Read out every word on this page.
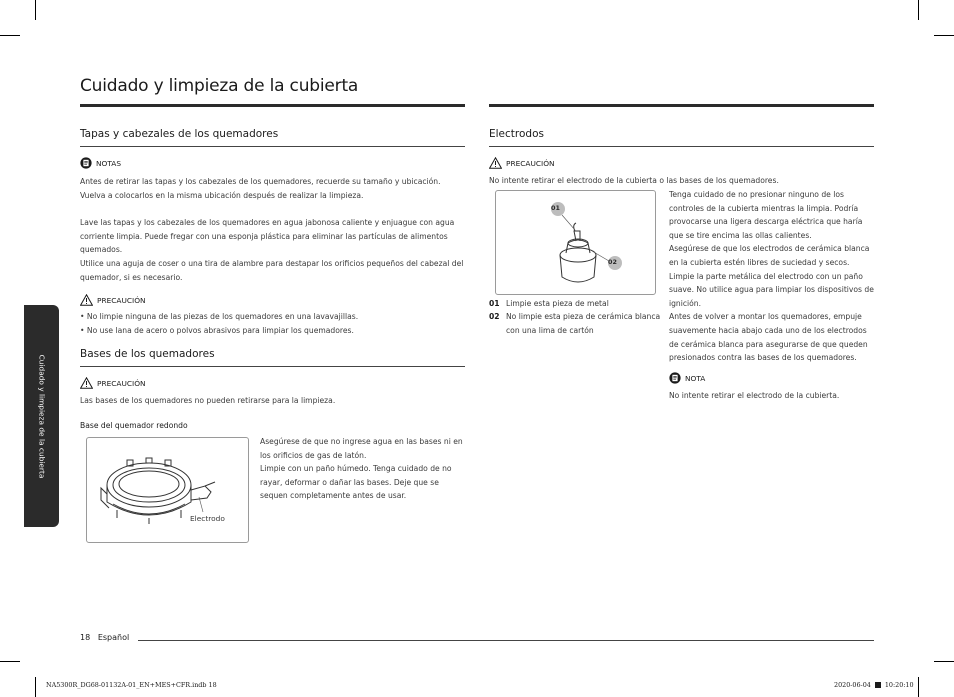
Cuidado y limpieza de la cubierta
Cuidado y limpieza de la cubierta
Tapas y cabezales de los quemadores
NOTAS

Antes de retirar las tapas y los cabezales de los quemadores, recuerde su tamaño y ubicación. Vuelva a colocarlos en la misma ubicación después de realizar la limpieza.

Lave las tapas y los cabezales de los quemadores en agua jabonosa caliente y enjuague con agua corriente limpia. Puede fregar con una esponja plástica para eliminar las partículas de alimentos quemados.

Utilice una aguja de coser o una tira de alambre para destapar los orificios pequeños del cabezal del quemador, si es necesario.

PRECAUCIÓN
• No limpie ninguna de las piezas de los quemadores en una lavavajillas.
• No use lana de acero o polvos abrasivos para limpiar los quemadores.
Bases de los quemadores
PRECAUCIÓN
Las bases de los quemadores no pueden retirarse para la limpieza.
Base del quemador redondo
Electrodo

Asegúrese de que no ingrese agua en las bases ni en los orificios de gas de latón.

Limpie con un paño húmedo. Tenga cuidado de no rayar, deformar o dañar las bases. Deje que se sequen completamente antes de usar.

Electrodos
PRECAUCIÓN
No intente retirar el electrodo de la cubierta o las bases de los quemadores.
01
02
01 Limpie esta pieza de metal
02 No limpie esta pieza de cerámica blanca con una lima de cartón

Tenga cuidado de no presionar ninguno de los controles de la cubierta mientras la limpia. Podría provocarse una ligera descarga eléctrica que haría que se tire encima las ollas calientes.

Asegúrese de que los electrodos de cerámica blanca en la cubierta estén libres de suciedad y secos.

Limpie la parte metálica del electrodo con un paño suave. No utilice agua para limpiar los dispositivos de ignición.

Antes de volver a montar los quemadores, empuje suavemente hacia abajo cada uno de los electrodos de cerámica blanca para asegurarse de que queden presionados contra las bases de los quemadores.

NOTA
No intente retirar el electrodo de la cubierta.
18 Español
NA5300R_DG68-01132A-01_EN+MES+CFR.indb 18	2020-06-04 10:20:10
